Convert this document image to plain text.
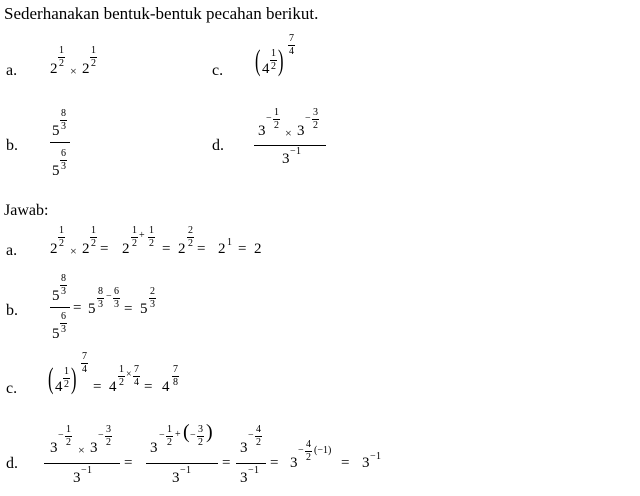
Sederhanakan bentuk-bentuk pecahan berikut.
a. 2
1
2
× 2
1
2	c. ( 4
1
2 )
7
4
b.
5
8
3
5
6
3
d.
3
−
1
2
× 3
−
3
2
3 − 1
Jawab:
a. 2
1
2
× 2
1
2 = 2
1
2
+ 1
2 = 2
2
2 = 2 1 = 2
b.
5
8
3
5
6
3
= 5
8
3
− 6
3 = 5
2
3
c. ( 4
1
2 )
7
4
= 4
1
2
× 7
4 = 4
7
8
d.
3
−
1
2
× 3
−
3
2
3 − 1 =
3
−
1
2
+ ( −
3
2 )
3 − 1 =
3
−
4
2
3 − 1 = 3
−
4
2
(−1)
= 3 − 1
